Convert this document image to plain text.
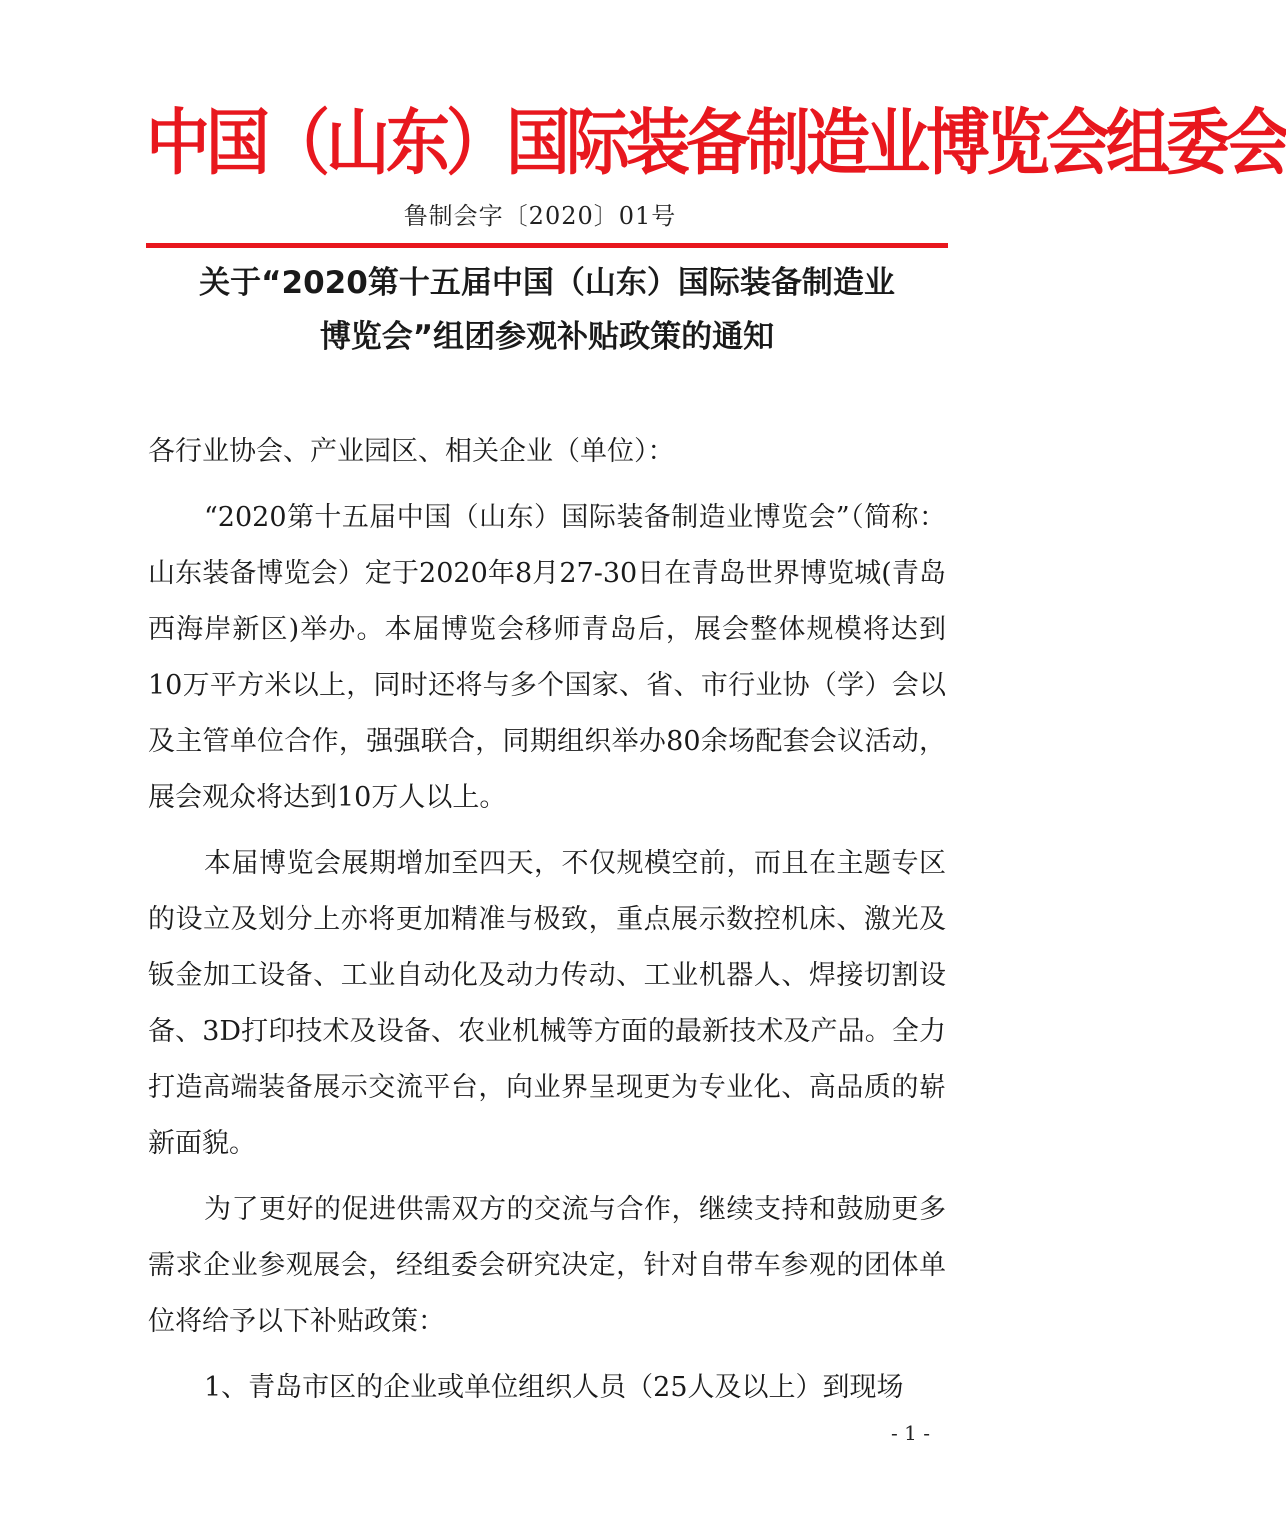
中国（山东）国际装备制造业博览会组委会
鲁制会字〔2020〕01号
关于“2020第十五届中国（山东）国际装备制造业
博览会”组团参观补贴政策的通知

各行业协会、产业园区、相关企业（单位）：

“2020第十五届中国（山东）国际装备制造业博览会”（简称：山东装备博览会）定于2020年8月27-30日在青岛世界博览城(青岛西海岸新区)举办。本届博览会移师青岛后，展会整体规模将达到10万平方米以上，同时还将与多个国家、省、市行业协（学）会以及主管单位合作，强强联合，同期组织举办80余场配套会议活动，展会观众将达到10万人以上。

本届博览会展期增加至四天，不仅规模空前，而且在主题专区的设立及划分上亦将更加精准与极致，重点展示数控机床、激光及钣金加工设备、工业自动化及动力传动、工业机器人、焊接切割设备、3D打印技术及设备、农业机械等方面的最新技术及产品。全力打造高端装备展示交流平台，向业界呈现更为专业化、高品质的崭新面貌。

为了更好的促进供需双方的交流与合作，继续支持和鼓励更多需求企业参观展会，经组委会研究决定，针对自带车参观的团体单位将给予以下补贴政策：

1、青岛市区的企业或单位组织人员（25人及以上）到现场

- 1 -
